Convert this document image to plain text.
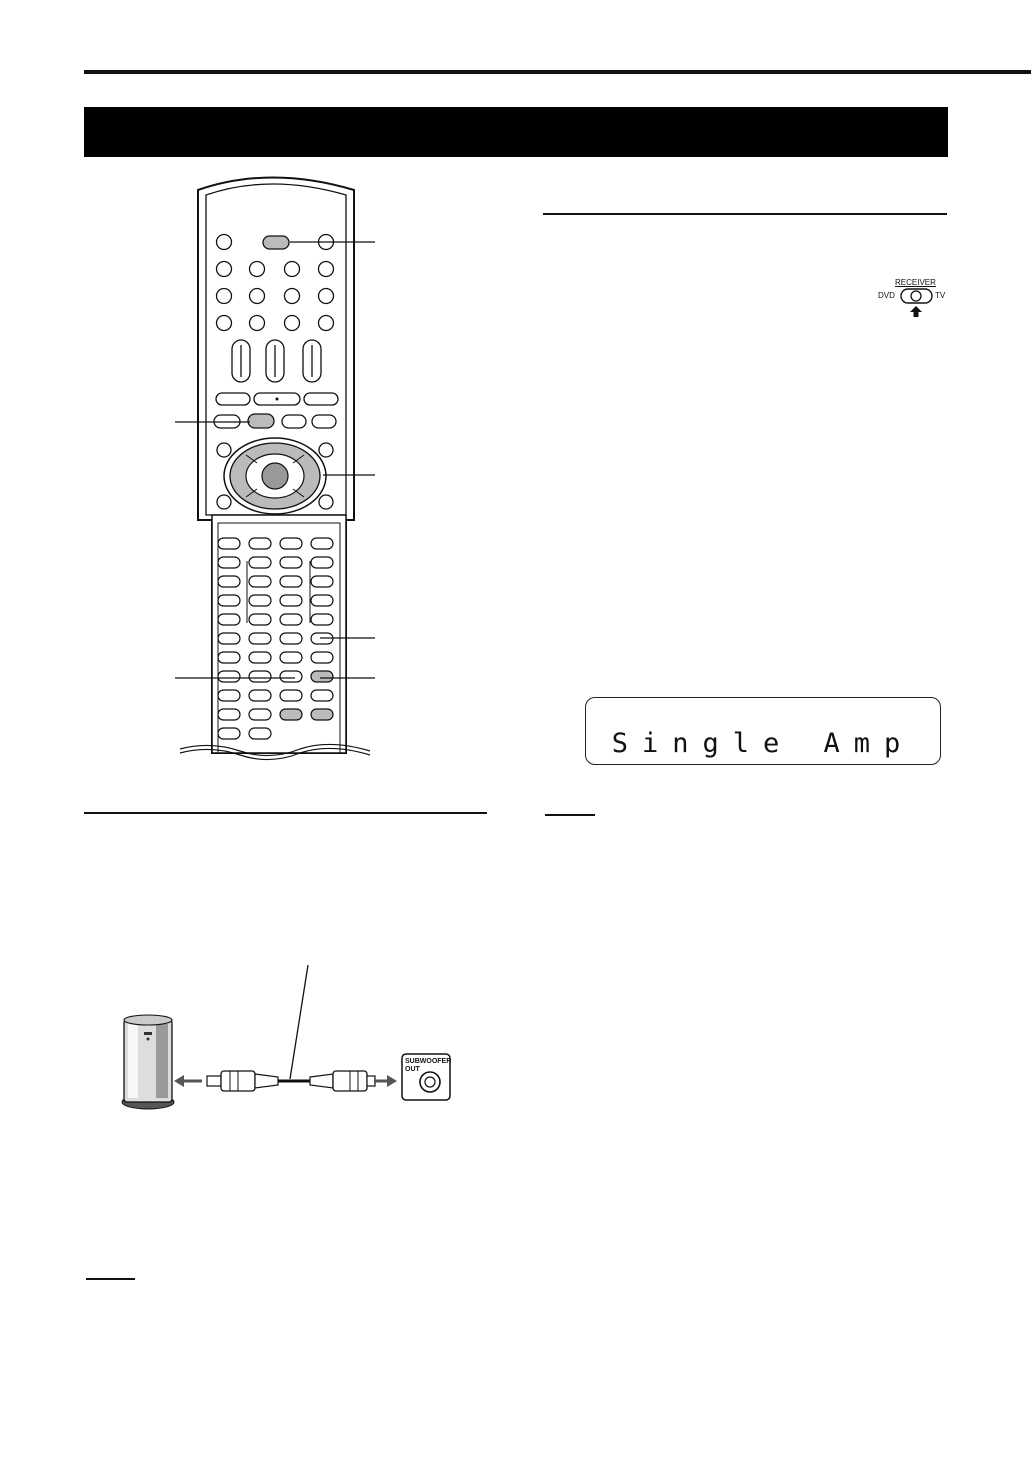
RECEIVER
DVD	TV
Single Amp
SUBWOOFER
OUT
